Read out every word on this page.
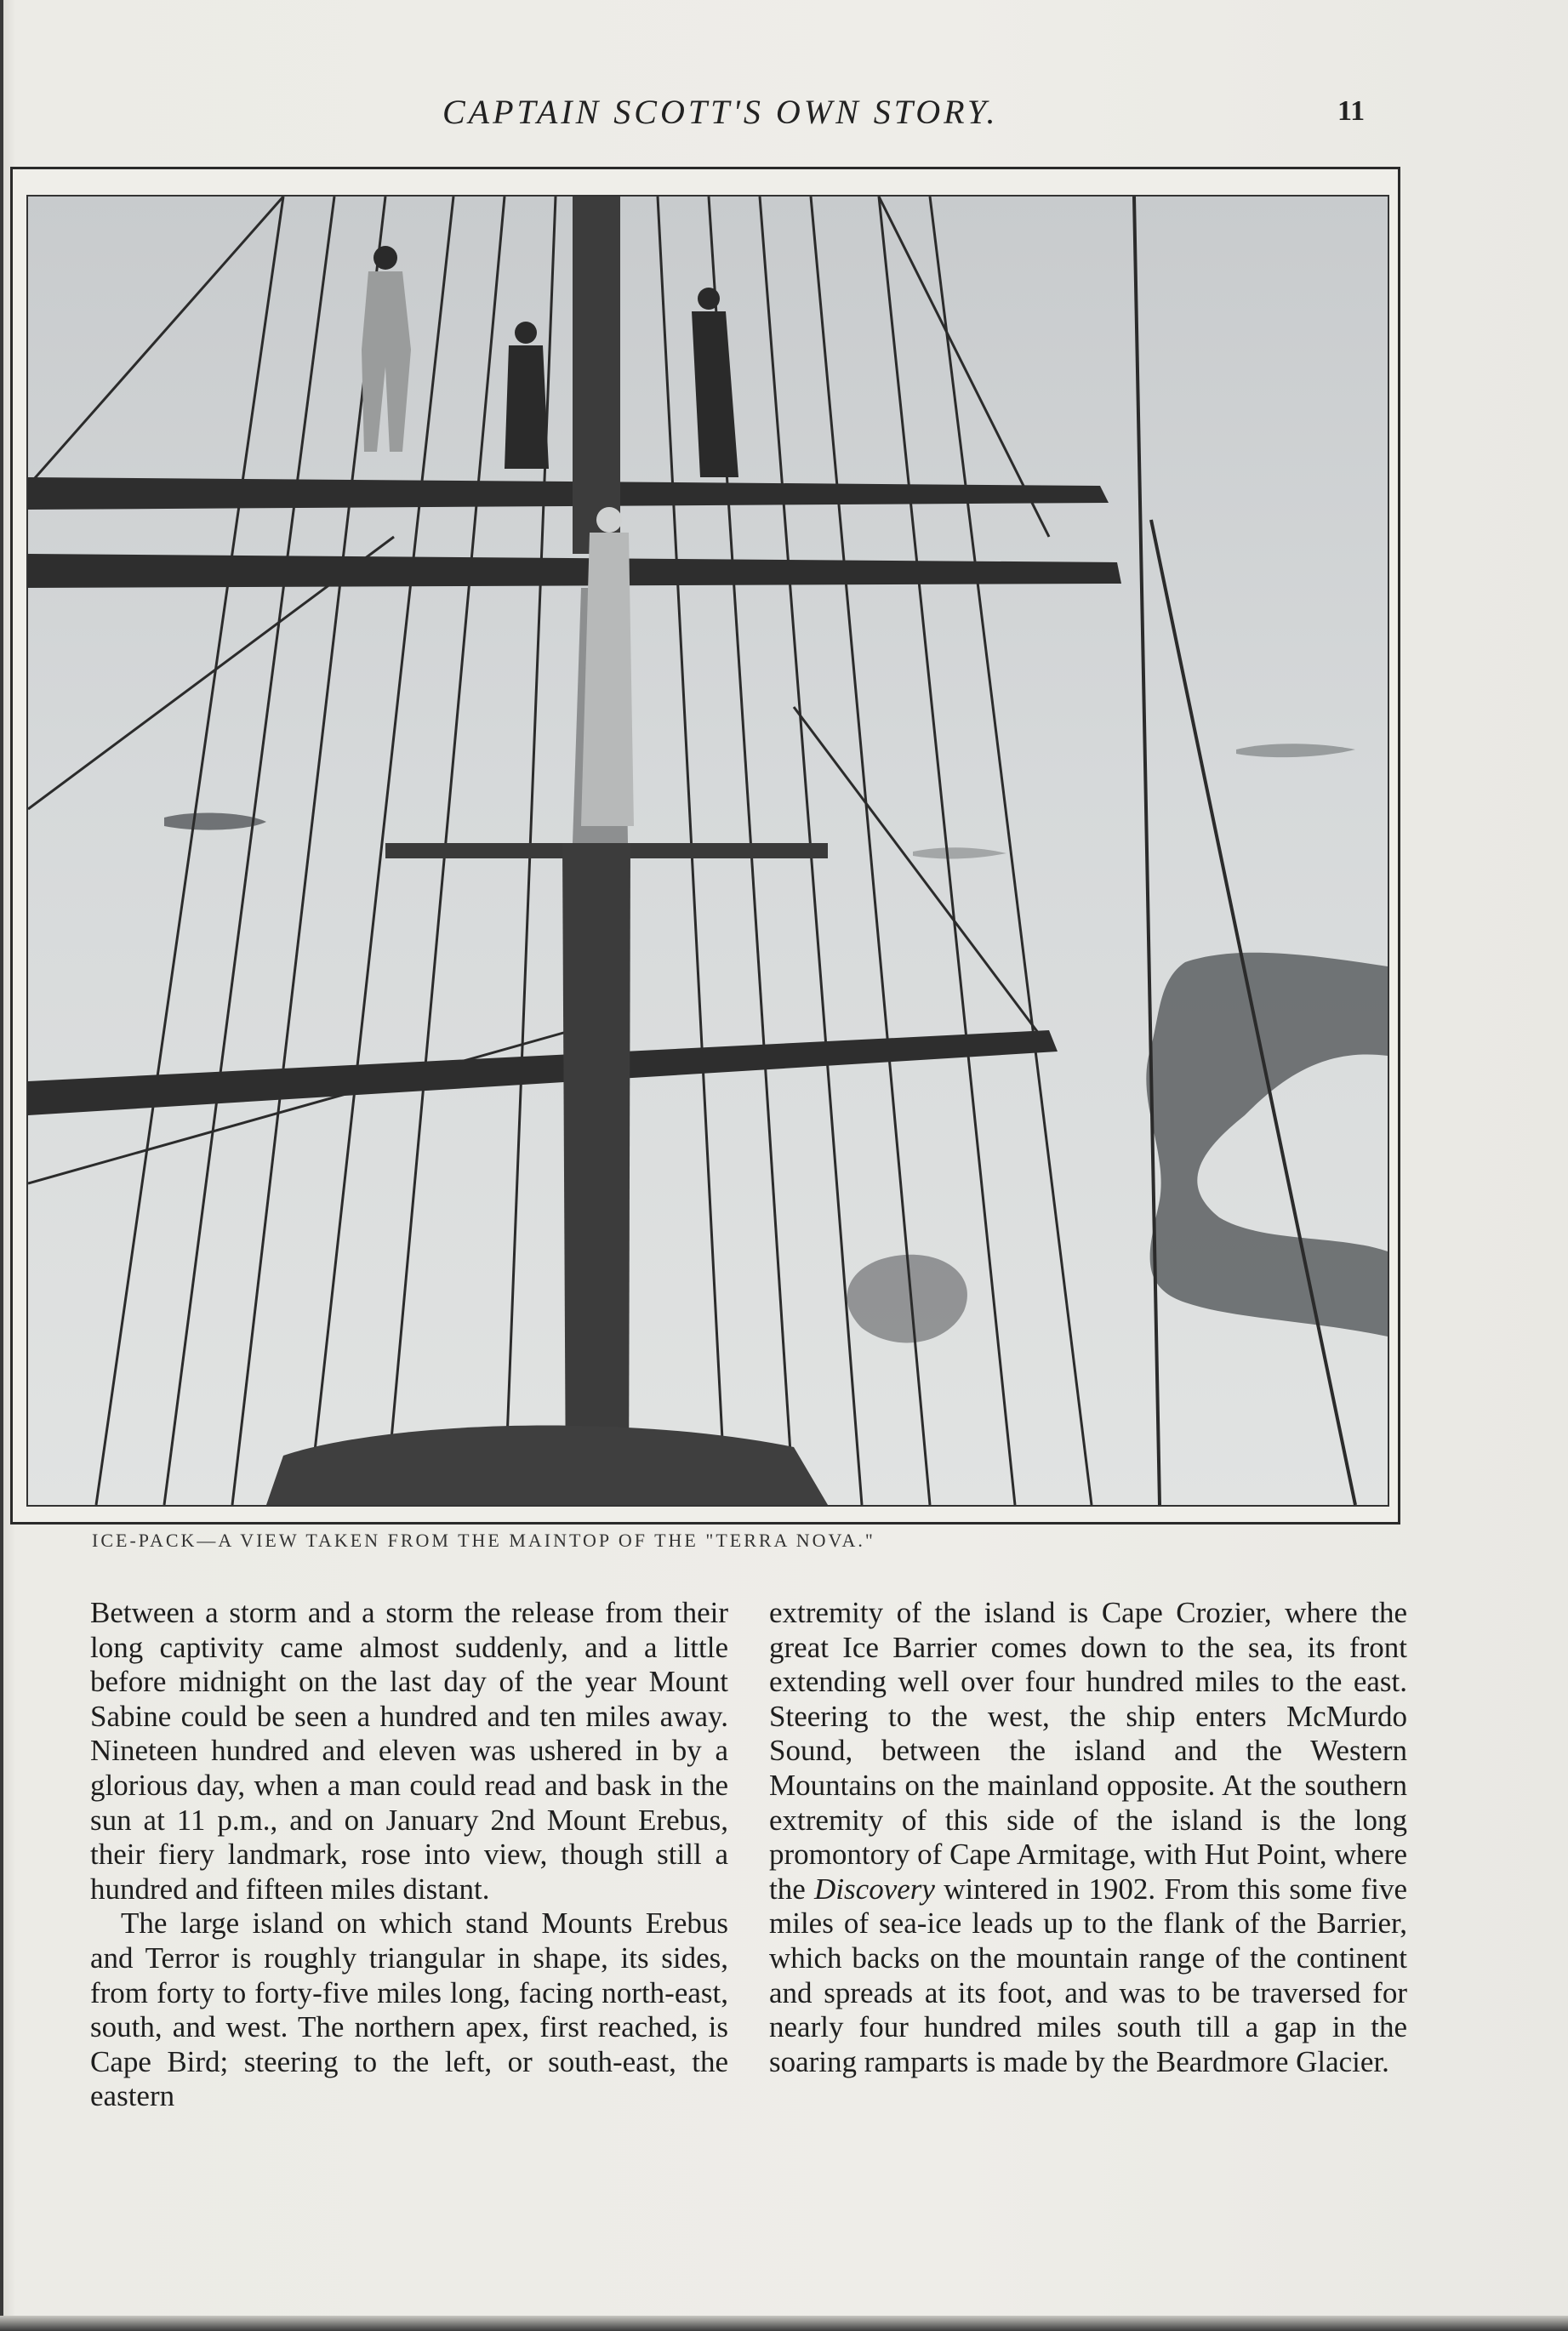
CAPTAIN SCOTT'S OWN STORY.	11
ICE-PACK—A VIEW TAKEN FROM THE MAINTOP OF THE "TERRA NOVA."

Between a storm and a storm the release from their long captivity came almost suddenly, and a little before midnight on the last day of the year Mount Sabine could be seen a hundred and ten miles away. Nineteen hundred and eleven was ushered in by a glorious day, when a man could read and bask in the sun at 11 p.m., and on January 2nd Mount Erebus, their fiery landmark, rose into view, though still a hundred and fifteen miles distant.

The large island on which stand Mounts Erebus and Terror is roughly triangular in shape, its sides, from forty to forty-five miles long, facing north-east, south, and west. The northern apex, first reached, is Cape Bird; steering to the left, or south-east, the eastern

extremity of the island is Cape Crozier, where the great Ice Barrier comes down to the sea, its front extending well over four hundred miles to the east. Steering to the west, the ship enters McMurdo Sound, between the island and the Western Mountains on the mainland opposite. At the southern extremity of this side of the island is the long promontory of Cape Armitage, with Hut Point, where the Discovery wintered in 1902. From this some five miles of sea-ice leads up to the flank of the Barrier, which backs on the mountain range of the continent and spreads at its foot, and was to be traversed for nearly four hundred miles south till a gap in the soaring ramparts is made by the Beardmore Glacier.
